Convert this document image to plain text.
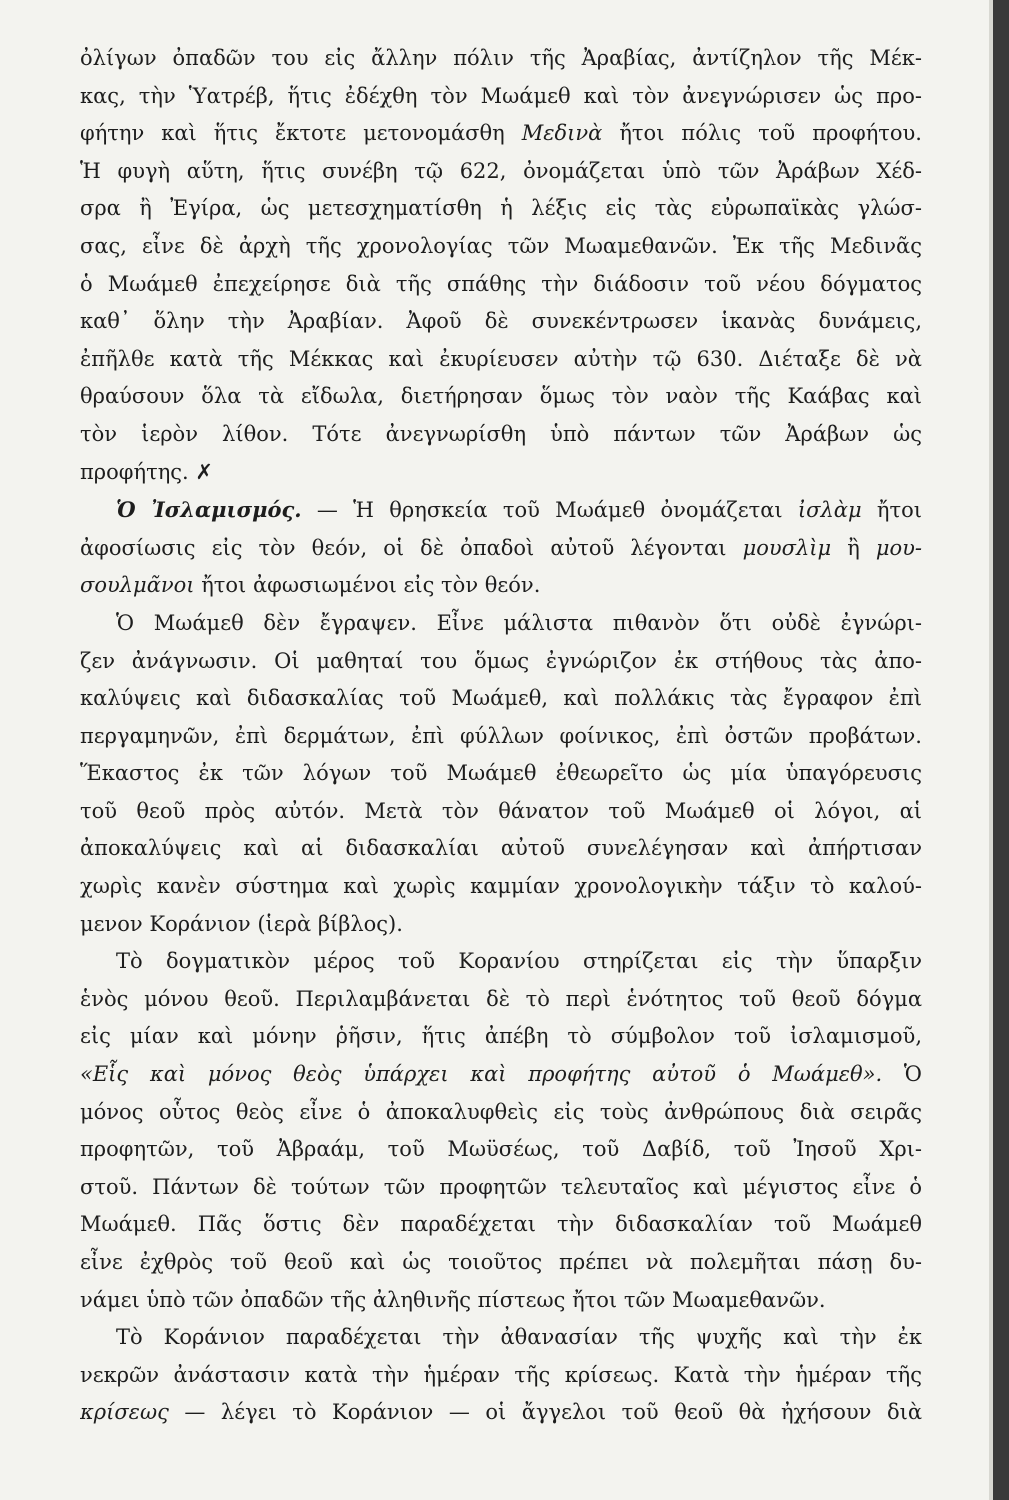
ὀλίγων ὀπαδῶν του εἰς ἄλλην πόλιν τῆς Ἀραβίας, ἀντίζηλον τῆς Μέκ-
κας, τὴν Ὑατρέβ, ἥτις ἐδέχθη τὸν Μωάμεθ καὶ τὸν ἀνεγνώρισεν ὡς προ-
φήτην καὶ ἥτις ἔκτοτε μετονομάσθη Μεδινὰ ἤτοι πόλις τοῦ προφήτου.
Ἡ φυγὴ αὕτη, ἥτις συνέβη τῷ 622, ὀνομάζεται ὑπὸ τῶν Ἀράβων Χέδ-
σρα ἢ Ἐγίρα, ὡς μετεσχηματίσθη ἡ λέξις εἰς τὰς εὐρωπαϊκὰς γλώσ-
σας, εἶνε δὲ ἀρχὴ τῆς χρονολογίας τῶν Μωαμεθανῶν. Ἐκ τῆς Μεδινᾶς
ὁ Μωάμεθ ἐπεχείρησε διὰ τῆς σπάθης τὴν διάδοσιν τοῦ νέου δόγματος
καθ᾽ ὅλην τὴν Ἀραβίαν. Ἀφοῦ δὲ συνεκέντρωσεν ἱκανὰς δυνάμεις,
ἐπῆλθε κατὰ τῆς Μέκκας καὶ ἐκυρίευσεν αὐτὴν τῷ 630. Διέταξε δὲ νὰ
θραύσουν ὅλα τὰ εἴδωλα, διετήρησαν ὅμως τὸν ναὸν τῆς Καάβας καὶ
τὸν ἱερὸν λίθον. Τότε ἀνεγνωρίσθη ὑπὸ πάντων τῶν Ἀράβων ὡς
προφήτης. ✗
Ὁ Ἰσλαμισμός. — Ἡ θρησκεία τοῦ Μωάμεθ ὀνομάζεται ἰσλὰμ ἤτοι
ἀφοσίωσις εἰς τὸν θεόν, οἱ δὲ ὀπαδοὶ αὐτοῦ λέγονται μουσλὶμ ἢ μου-
σουλμᾶνοι ἤτοι ἀφωσιωμένοι εἰς τὸν θεόν.
Ὁ Μωάμεθ δὲν ἔγραψεν. Εἶνε μάλιστα πιθανὸν ὅτι οὐδὲ ἐγνώρι-
ζεν ἀνάγνωσιν. Οἱ μαθηταί του ὅμως ἐγνώριζον ἐκ στήθους τὰς ἀπο-
καλύψεις καὶ διδασκαλίας τοῦ Μωάμεθ, καὶ πολλάκις τὰς ἔγραφον ἐπὶ
περγαμηνῶν, ἐπὶ δερμάτων, ἐπὶ φύλλων φοίνικος, ἐπὶ ὀστῶν προβάτων.
Ἕκαστος ἐκ τῶν λόγων τοῦ Μωάμεθ ἐθεωρεῖτο ὡς μία ὑπαγόρευσις
τοῦ θεοῦ πρὸς αὐτόν. Μετὰ τὸν θάνατον τοῦ Μωάμεθ οἱ λόγοι, αἱ
ἀποκαλύψεις καὶ αἱ διδασκαλίαι αὐτοῦ συνελέγησαν καὶ ἀπήρτισαν
χωρὶς κανὲν σύστημα καὶ χωρὶς καμμίαν χρονολογικὴν τάξιν τὸ καλού-
μενον Κοράνιον (ἱερὰ βίβλος).
Τὸ δογματικὸν μέρος τοῦ Κορανίου στηρίζεται εἰς τὴν ὕπαρξιν
ἑνὸς μόνου θεοῦ. Περιλαμβάνεται δὲ τὸ περὶ ἑνότητος τοῦ θεοῦ δόγμα
εἰς μίαν καὶ μόνην ῥῆσιν, ἥτις ἀπέβη τὸ σύμβολον τοῦ ἰσλαμισμοῦ,
«Εἷς καὶ μόνος θεὸς ὑπάρχει καὶ προφήτης αὐτοῦ ὁ Μωάμεθ». Ὁ
μόνος οὗτος θεὸς εἶνε ὁ ἀποκαλυφθεὶς εἰς τοὺς ἀνθρώπους διὰ σειρᾶς
προφητῶν, τοῦ Ἀβραάμ, τοῦ Μωϋσέως, τοῦ Δαβίδ, τοῦ Ἰησοῦ Χρι-
στοῦ. Πάντων δὲ τούτων τῶν προφητῶν τελευταῖος καὶ μέγιστος εἶνε ὁ
Μωάμεθ. Πᾶς ὅστις δὲν παραδέχεται τὴν διδασκαλίαν τοῦ Μωάμεθ
εἶνε ἐχθρὸς τοῦ θεοῦ καὶ ὡς τοιοῦτος πρέπει νὰ πολεμῆται πάσῃ δυ-
νάμει ὑπὸ τῶν ὀπαδῶν τῆς ἀληθινῆς πίστεως ἤτοι τῶν Μωαμεθανῶν.
Τὸ Κοράνιον παραδέχεται τὴν ἀθανασίαν τῆς ψυχῆς καὶ τὴν ἐκ
νεκρῶν ἀνάστασιν κατὰ τὴν ἡμέραν τῆς κρίσεως. Κατὰ τὴν ἡμέραν τῆς
κρίσεως — λέγει τὸ Κοράνιον — οἱ ἄγγελοι τοῦ θεοῦ θὰ ἠχήσουν διὰ
